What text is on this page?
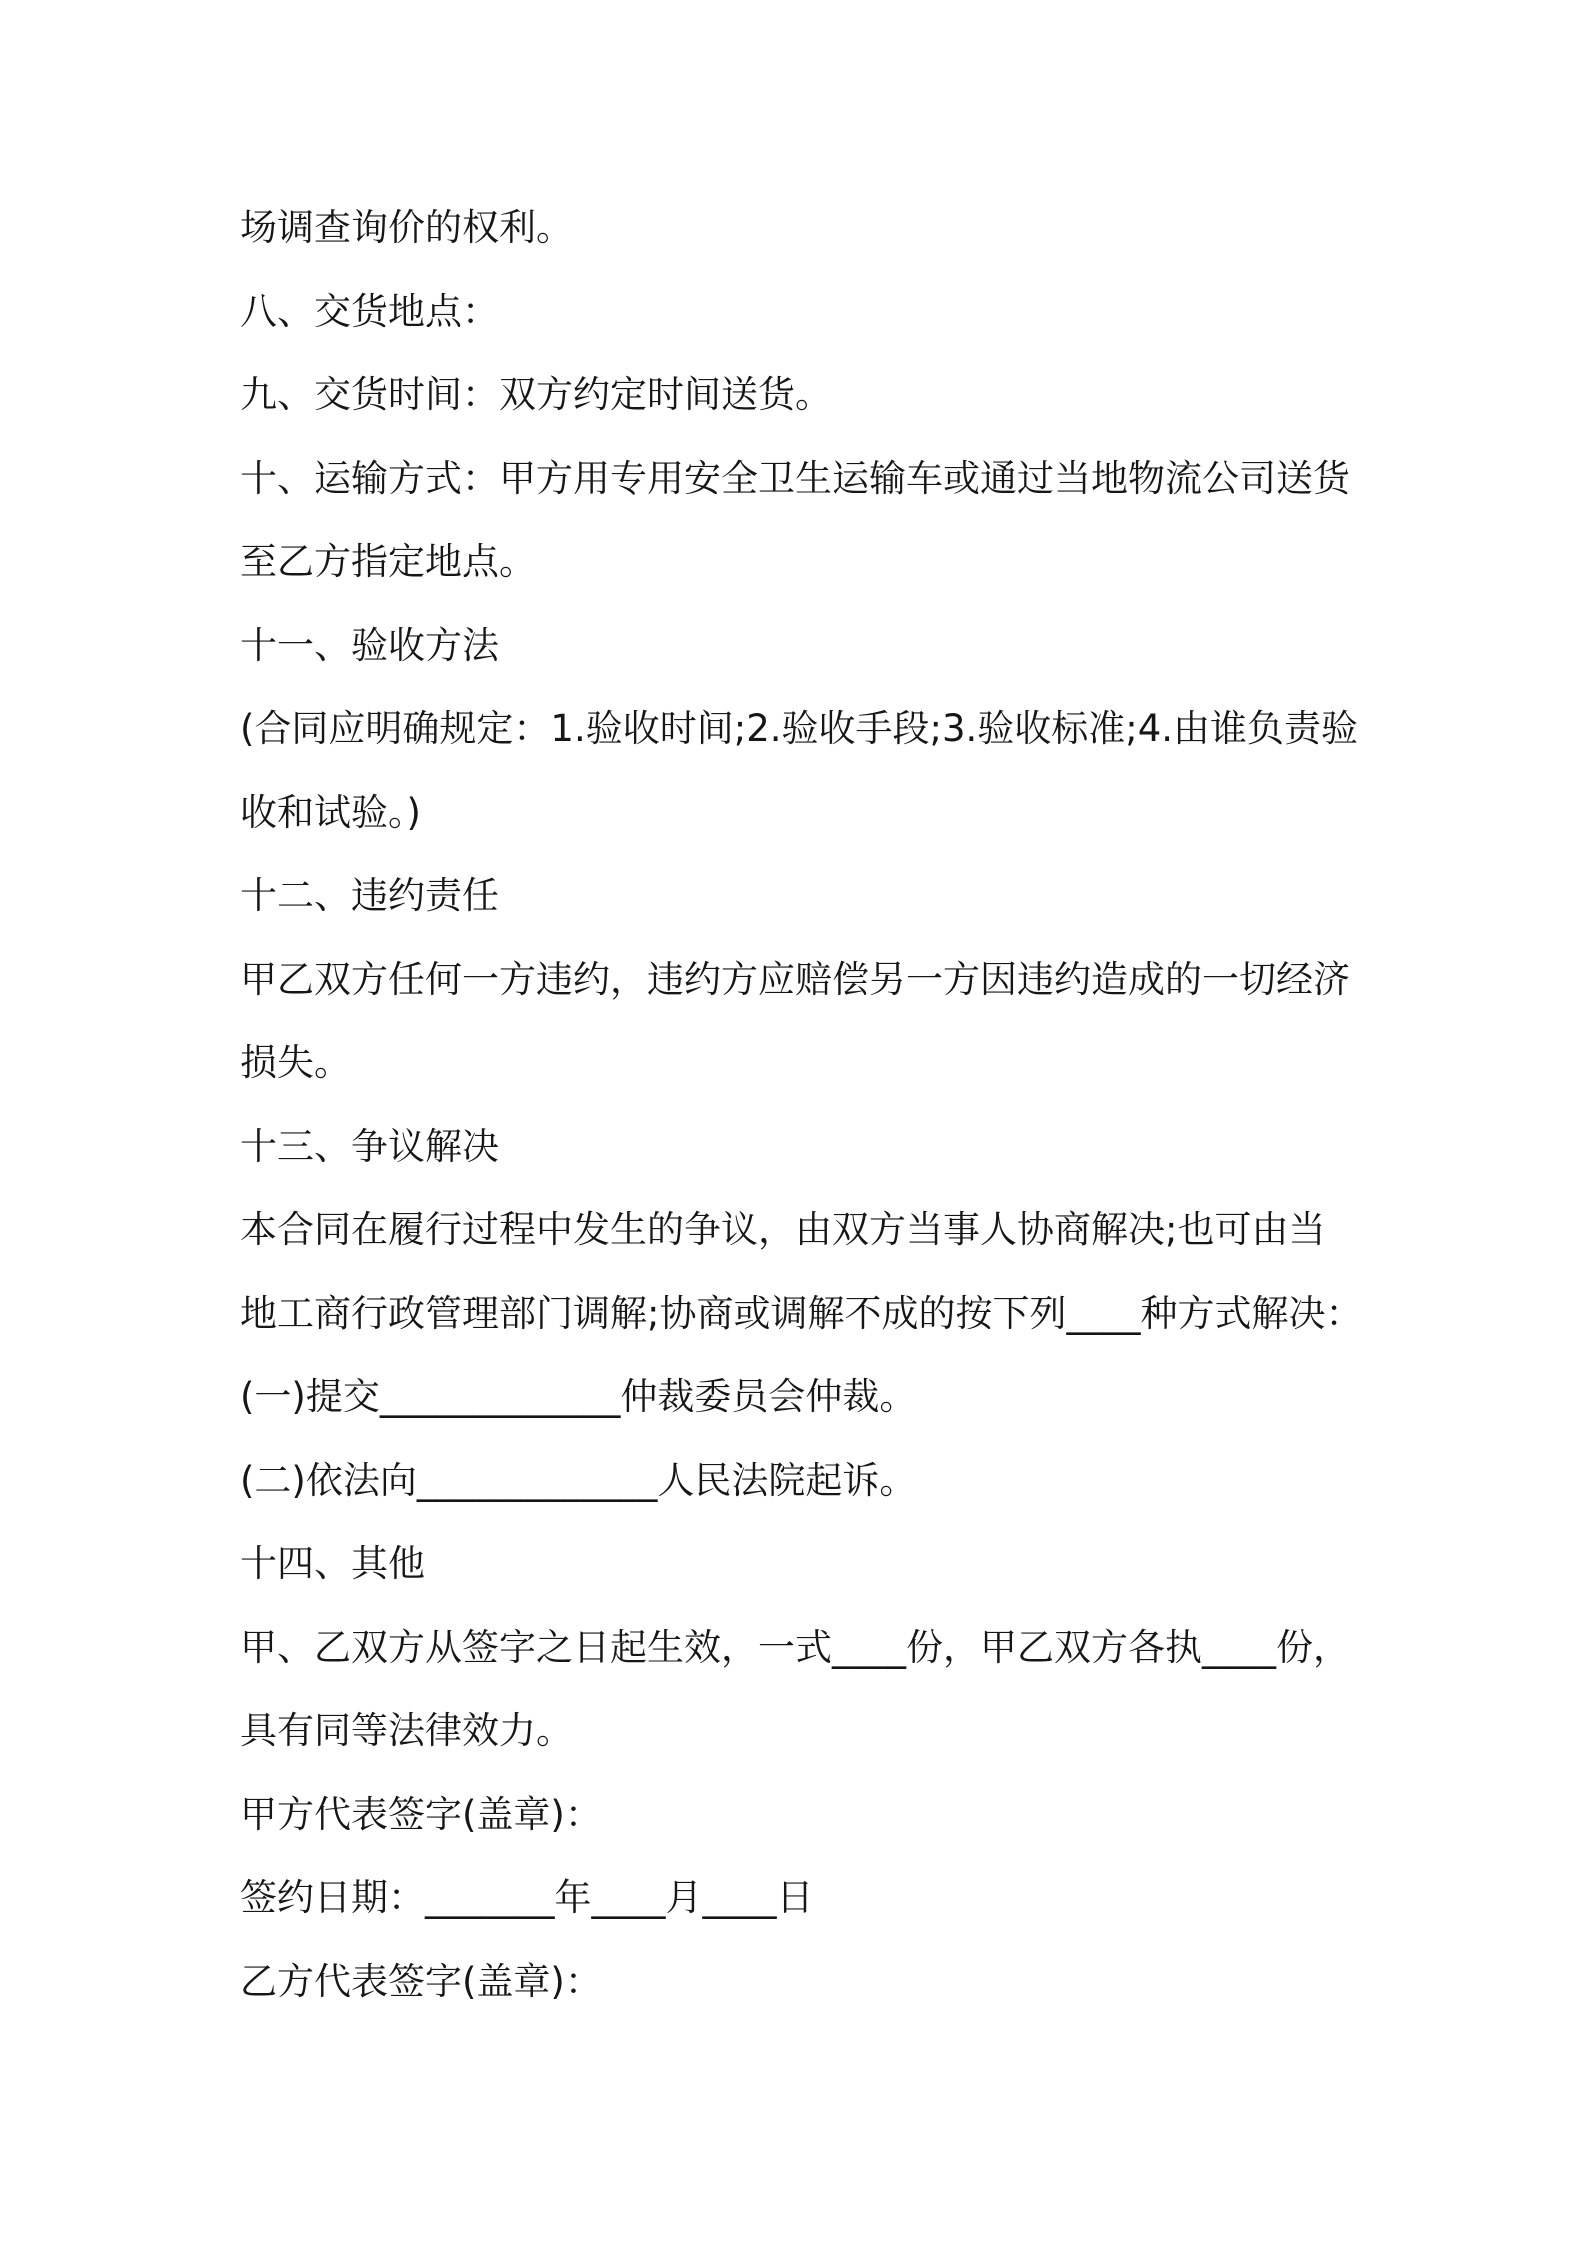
场调查询价的权利。
八、交货地点：
九、交货时间：双方约定时间送货。
十、运输方式：甲方用专用安全卫生运输车或通过当地物流公司送货
至乙方指定地点。
十一、验收方法
(合同应明确规定：1.验收时间;2.验收手段;3.验收标准;4.由谁负责验
收和试验。)
十二、违约责任
甲乙双方任何一方违约，违约方应赔偿另一方因违约造成的一切经济
损失。
十三、争议解决
本合同在履行过程中发生的争议，由双方当事人协商解决;也可由当
地工商行政管理部门调解;协商或调解不成的按下列____种方式解决：
(一)提交_____________仲裁委员会仲裁。
(二)依法向_____________人民法院起诉。
十四、其他
甲、乙双方从签字之日起生效，一式____份，甲乙双方各执____份，
具有同等法律效力。
甲方代表签字(盖章)：
签约日期：_______年____月____日
乙方代表签字(盖章)：
